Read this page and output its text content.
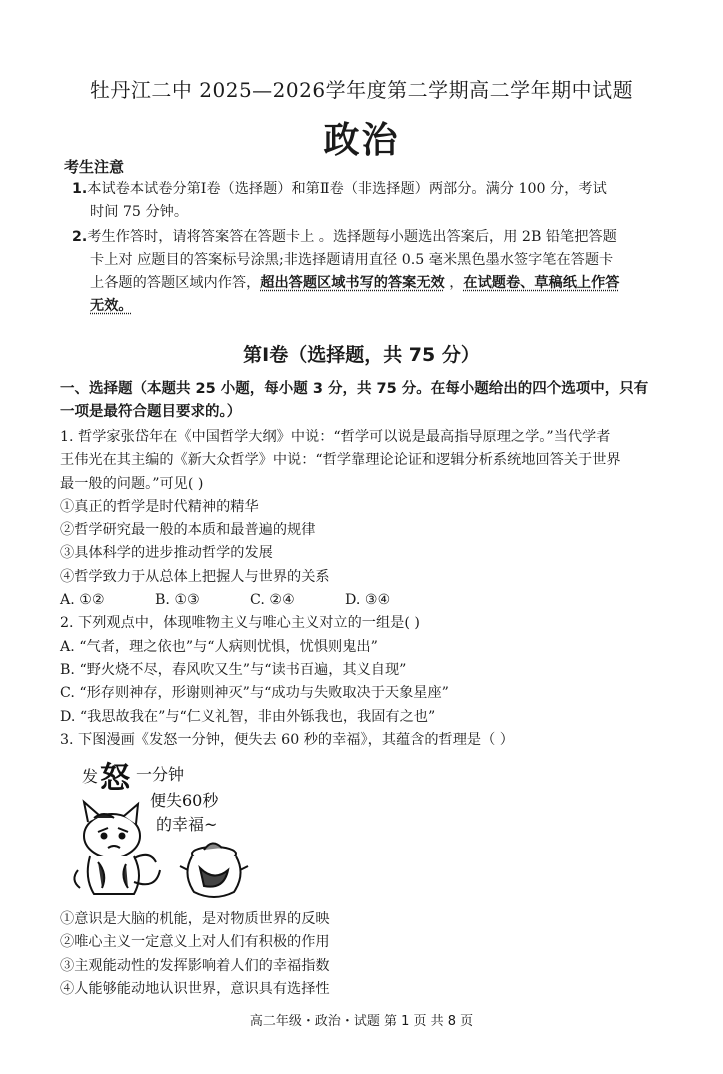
牡丹江二中 2025—2026学年度第二学期高二学年期中试题
政治
考生注意
1.本试卷本试卷分第Ⅰ卷（选择题）和第Ⅱ卷（非选择题）两部分。满分 100 分，考试
时间 75 分钟。
2.考生作答时，请将答案答在答题卡上 。选择题每小题选出答案后，用 2B 铅笔把答题
卡上对 应题目的答案标号涂黑;非选择题请用直径 0.5 毫米黑色墨水签字笔在答题卡
上各题的答题区域内作答，超出答题区域书写的答案无效 ，在试题卷、草稿纸上作答
无效。
第Ⅰ卷（选择题，共 75 分）
一、选择题（本题共 25 小题，每小题 3 分，共 75 分。在每小题给出的四个选项中，只有
一项是最符合题目要求的。）
1. 哲学家张岱年在《中国哲学大纲》中说：“哲学可以说是最高指导原理之学。”当代学者
王伟光在其主编的《新大众哲学》中说：“哲学靠理论论证和逻辑分析系统地回答关于世界
最一般的问题。”可见( )
①真正的哲学是时代精神的精华
②哲学研究最一般的本质和最普遍的规律
③具体科学的进步推动哲学的发展
④哲学致力于从总体上把握人与世界的关系
A. ①②	B. ①③	C. ②④	D. ③④
2. 下列观点中，体现唯物主义与唯心主义对立的一组是( )
A. “气者，理之依也”与“人病则忧惧，忧惧则鬼出”
B. “野火烧不尽，春风吹又生”与“读书百遍，其义自现”
C. “形存则神存，形谢则神灭”与“成功与失败取决于天象星座”
D. “我思故我在”与“仁义礼智，非由外铄我也，我固有之也”
3. 下图漫画《发怒一分钟，便失去 60 秒的幸福》，其蕴含的哲理是（ ）
发 怒 一分钟
便失60秒
的幸福~
①意识是大脑的机能，是对物质世界的反映
②唯心主义一定意义上对人们有积极的作用
③主观能动性的发挥影响着人们的幸福指数
④人能够能动地认识世界，意识具有选择性
高二年级・政治・试题 第 1 页 共 8 页
